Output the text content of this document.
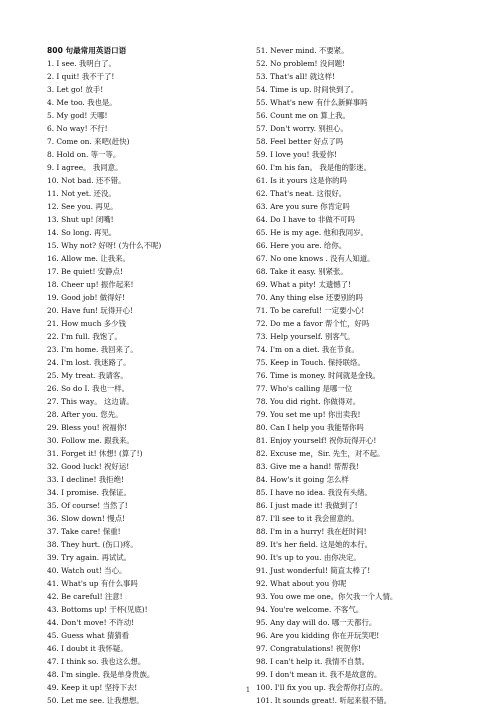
800 句最常用英语口语
1. I see. 我明白了。
2. I quit! 我不干了!
3. Let go! 放手!
4. Me too. 我也是。
5. My god! 天哪!
6. No way! 不行!
7. Come on. 来吧(赶快)
8. Hold on. 等一等。
9. I agree。 我同意。
10. Not bad. 还不错。
11. Not yet. 还没。
12. See you. 再见。
13. Shut up! 闭嘴!
14. So long. 再见。
15. Why not? 好呀! (为什么不呢)
16. Allow me. 让我来。
17. Be quiet! 安静点!
18. Cheer up! 振作起来!
19. Good job! 做得好!
20. Have fun! 玩得开心!
21. How much 多少钱
22. I'm full. 我饱了。
23. I'm home. 我回来了。
24. I'm lost. 我迷路了。
25. My treat. 我请客。
26. So do I. 我也一样。
27. This way。 这边请。
28. After you. 您先。
29. Bless you! 祝福你!
30. Follow me. 跟我来。
31. Forget it! 休想! (算了!)
32. Good luck! 祝好运!
33. I decline! 我拒绝!
34. I promise. 我保证。
35. Of course! 当然了!
36. Slow down! 慢点!
37. Take care! 保重!
38. They hurt. (伤口)疼。
39. Try again. 再试试。
40. Watch out! 当心。
41. What's up 有什么事吗
42. Be careful! 注意!
43. Bottoms up! 干杯(见底)!
44. Don't move! 不许动!
45. Guess what 猜猜看
46. I doubt it 我怀疑。
47. I think so. 我也这么想。
48. I'm single. 我是单身贵族。
49. Keep it up! 坚持下去!
50. Let me see. 让我想想。
51. Never mind. 不要紧。
52. No problem! 没问题!
53. That's all! 就这样!
54. Time is up. 时间快到了。
55. What's new 有什么新鲜事吗
56. Count me on 算上我。
57. Don't worry. 别担心。
58. Feel better 好点了吗
59. I love you! 我爱你!
60. I'm his fan。 我是他的影迷。
61. Is it yours 这是你的吗
62. That's neat. 这很好。
63. Are you sure 你肯定吗
64. Do I have to 非做不可吗
65. He is my age. 他和我同岁。
66. Here you are. 给你。
67. No one knows . 没有人知道。
68. Take it easy. 别紧张。
69. What a pity! 太遗憾了!
70. Any thing else 还要别的吗
71. To be careful! 一定要小心!
72. Do me a favor 帮个忙，好吗
73. Help yourself. 别客气。
74. I'm on a diet. 我在节食。
75. Keep in Touch. 保持联络。
76. Time is money. 时间就是金钱。
77. Who's calling 是哪一位
78. You did right. 你做得对。
79. You set me up! 你出卖我!
80. Can I help you 我能帮你吗
81. Enjoy yourself! 祝你玩得开心!
82. Excuse me，Sir. 先生，对不起。
83. Give me a hand! 帮帮我!
84. How's it going 怎么样
85. I have no idea. 我没有头绪。
86. I just made it! 我做到了!
87. I'll see to it 我会留意的。
88. I'm in a hurry! 我在赶时间!
89. It's her field. 这是她的本行。
90. It's up to you. 由你决定。
91. Just wonderful! 简直太棒了!
92. What about you 你呢
93. You owe me one。你欠我一个人情。
94. You're welcome. 不客气。
95. Any day will do. 哪一天都行。
96. Are you kidding 你在开玩笑吧!
97. Congratulations! 祝贺你!
98. I can't help it. 我情不自禁。
99. I don't mean it. 我不是故意的。
100. I'll fix you up. 我会帮你打点的。
101. It sounds great!. 听起来很不错。
1
